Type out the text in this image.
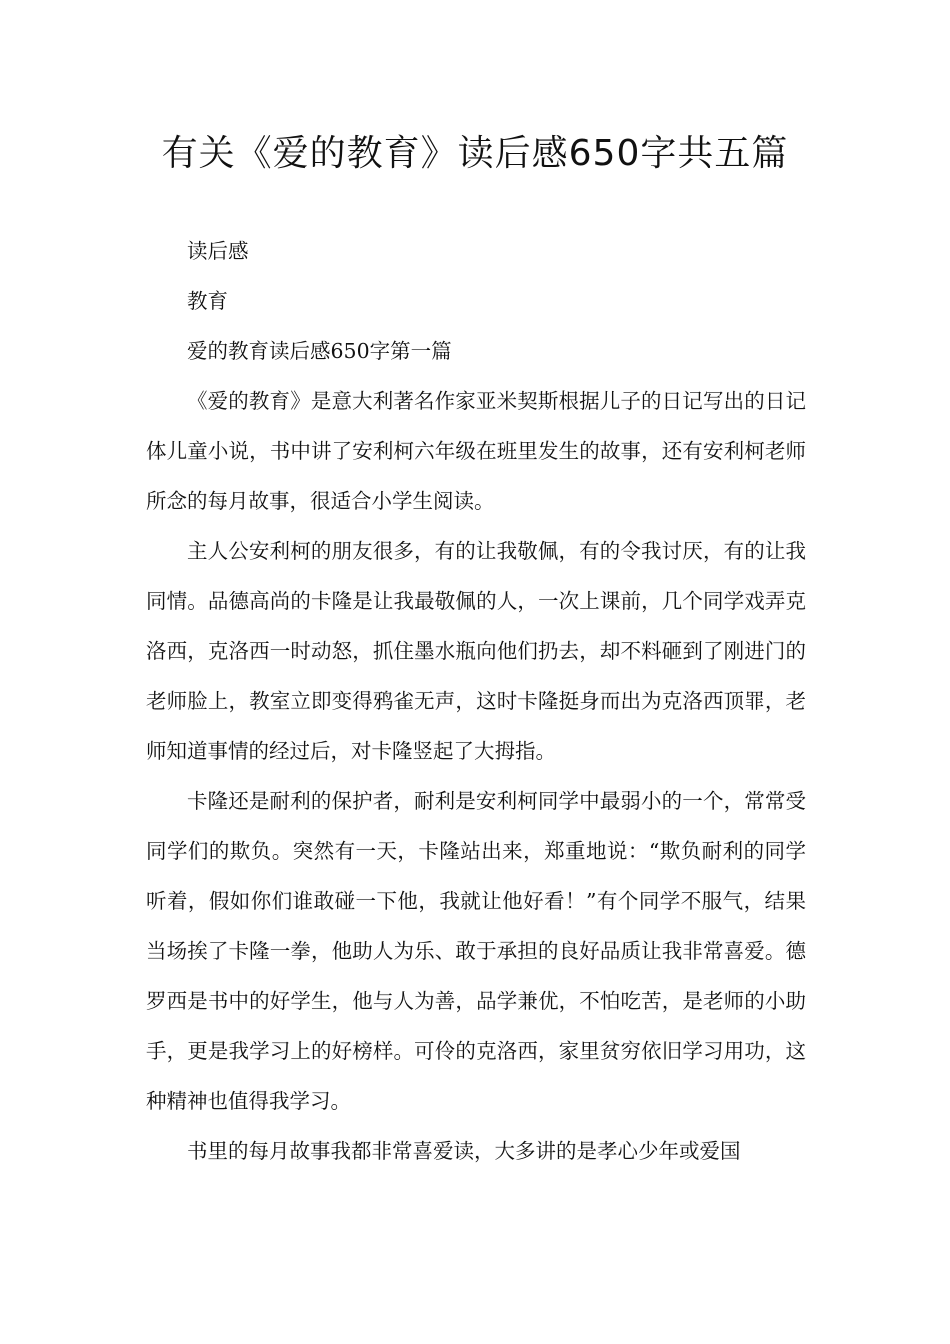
有关《爱的教育》读后感650字共五篇

读后感

教育

爱的教育读后感650字第一篇

《爱的教育》是意大利著名作家亚米契斯根据儿子的日记写出的日记体儿童小说，书中讲了安利柯六年级在班里发生的故事，还有安利柯老师所念的每月故事，很适合小学生阅读。

主人公安利柯的朋友很多，有的让我敬佩，有的令我讨厌，有的让我同情。品德高尚的卡隆是让我最敬佩的人，一次上课前，几个同学戏弄克洛西，克洛西一时动怒，抓住墨水瓶向他们扔去，却不料砸到了刚进门的老师脸上，教室立即变得鸦雀无声，这时卡隆挺身而出为克洛西顶罪，老师知道事情的经过后，对卡隆竖起了大拇指。

卡隆还是耐利的保护者，耐利是安利柯同学中最弱小的一个，常常受同学们的欺负。突然有一天，卡隆站出来，郑重地说：“欺负耐利的同学听着，假如你们谁敢碰一下他，我就让他好看！”有个同学不服气，结果当场挨了卡隆一拳，他助人为乐、敢于承担的良好品质让我非常喜爱。德罗西是书中的好学生，他与人为善，品学兼优，不怕吃苦，是老师的小助手，更是我学习上的好榜样。可伶的克洛西，家里贫穷依旧学习用功，这种精神也值得我学习。

书里的每月故事我都非常喜爱读，大多讲的是孝心少年或爱国
